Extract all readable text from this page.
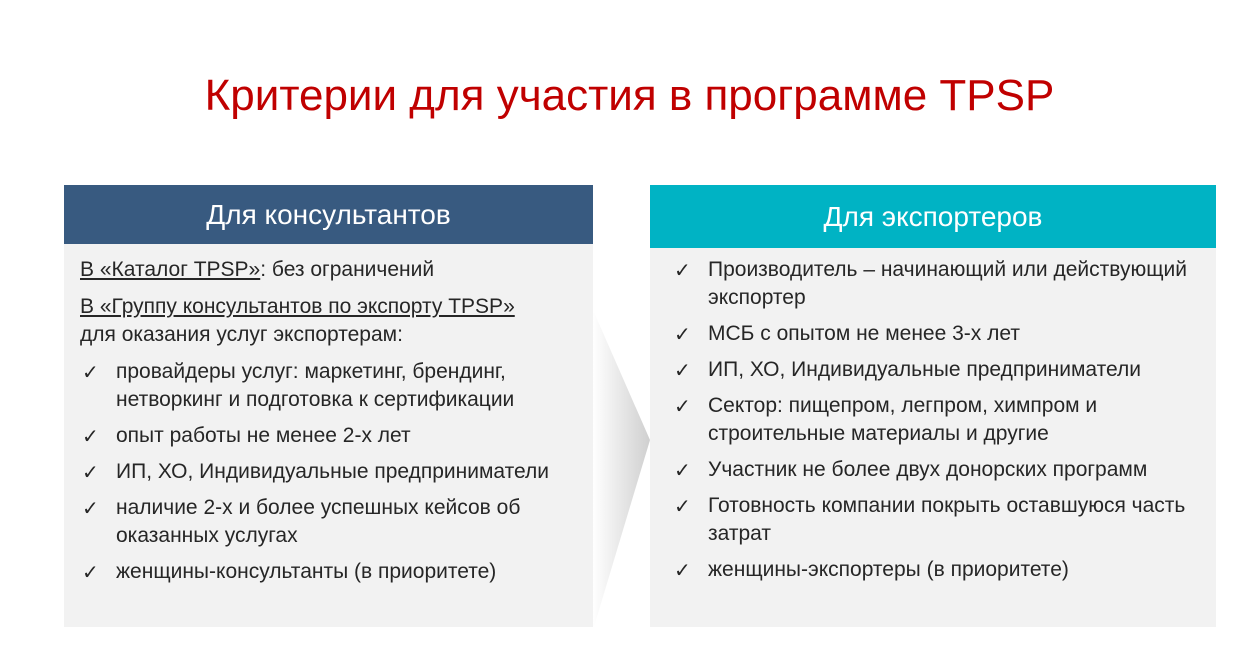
Критерии для участия в программе TPSP
Для консультантов

В «Каталог TPSP»: без ограничений

В «Группу консультантов по экспорту TPSP»
для оказания услуг экспортерам:

✓ провайдеры услуг: маркетинг, брендинг, нетворкинг и подготовка к сертификации
✓ опыт работы не менее 2-х лет
✓ ИП, ХО, Индивидуальные предприниматели
✓ наличие 2-х и более успешных кейсов об оказанных услугах
✓ женщины-консультанты (в приоритете)
Для экспортеров
✓ Производитель – начинающий или действующий экспортер
✓ МСБ с опытом не менее 3-х лет
✓ ИП, ХО, Индивидуальные предприниматели
✓ Сектор: пищепром, легпром, химпром и строительные материалы и другие
✓ Участник не более двух донорских программ
✓ Готовность компании покрыть оставшуюся часть затрат
✓ женщины-экспортеры (в приоритете)
